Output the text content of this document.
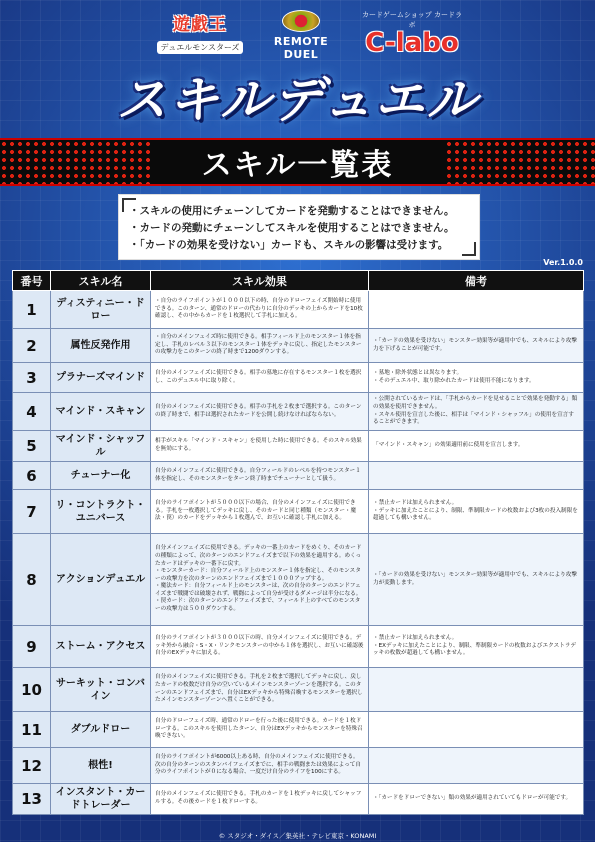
遊戯王
デュエルモンスターズ	REMOTE DUEL
カードゲームショップ カードラボ
C-labo
スキルデュエル
スキル一覧表
・スキルの使用にチェーンしてカードを発動することはできません。
・カードの発動にチェーンしてスキルを使用することはできません。
・「カードの効果を受けない」カードも、スキルの影響は受けます。
Ver.1.0.0
番号	スキル名	スキル効果	備考
1	ディスティニー・ドロー	・自分のライフポイントが１０００以下の時、自分のドローフェイズ開始時に使用できる。このターン、通常のドローの代わりに自分のデッキの上からカードを10枚確認し、その中からカードを１枚選択して手札に加える。	
2	属性反発作用	・自分のメインフェイズ時に使用できる。相手フィールド上のモンスター１体を指定し、手札のレベル３以下のモンスター１体をデッキに戻し、指定したモンスターの攻撃力をこのターンの終了時まで1200ダウンする。	・「カードの効果を受けない」モンスター効果等が適用中でも、スキルにより攻撃力を下げることが可能です。
3	プラナーズマインド	自分のメインフェイズに使用できる。相手の墓地に存在するモンスター１枚を選択し、このデュエル中に取り除く。	・墓地・除外状態とは異なります。
・そのデュエル中、取り除かれたカードは使用不能になります。
4	マインド・スキャン	自分のメインフェイズに使用できる。相手の手札を２枚まで選択する。このターンの終了時まで、相手は選択されたカードを公開し続けなければならない。	・公開されているカードは、「手札からカードを見せることで効果を発動する」類の効果を使用できません。
・スキル使用を宣言した後に、相手は「マインド・シャッフル」の使用を宣言することができます。
5	マインド・シャッフル	相手がスキル「マインド・スキャン」を使用した時に使用できる。そのスキル効果を無効にする。	「マインド・スキャン」の効果適用前に使用を宣言します。
6	チューナー化	自分のメインフェイズに使用できる。自分フィールドのレベルを持つモンスター１体を指定し、そのモンスターをターン終了時までチューナーとして扱う。	
7	リ・コントラクト・ユニバース	自分のライフポイントが５０００以下の場合、自分のメインフェイズに使用できる。手札を一枚選択してデッキに戻し、そのカードと同じ種類（モンスター・魔法・罠）のカードをデッキから１枚選んで、お互いに確認し手札に加える。	・禁止カードは加えられません。
・デッキに加えたことにより、制限、準制限カードの枚数および3枚の投入制限を超過しても構いません。
8	アクションデュエル	自分メインフェイズに使用できる。デッキの一番上のカードをめくり、そのカードの種類によって、次のターンのエンドフェイズまで以下の効果を適用する。めくったカードはデッキの一番下に戻す。
・モンスターカード：自分フィールド上のモンスター１体を指定し、そのモンスターの攻撃力を次のターンのエンドフェイズまで１０００アップする。
・魔法カード：自分フィールド上のモンスターは、次の自分のターンのエンドフェイズまで戦闘では破壊されず、戦闘によって自分が受けるダメージは半分になる。
・罠カード：次のターンのエンドフェイズまで、フィールド上のすべてのモンスターの攻撃力は５００ダウンする。	・「カードの効果を受けない」モンスター効果等が適用中でも、スキルにより攻撃力が変動します。
9	ストーム・アクセス	自分のライフポイントが３０００以下の時、自分メインフェイズに使用できる。デッキ外から融合・S・X・リンクモンスターの中から１体を選択し、お互いに確認後自分のEXデッキに加える。	・禁止カードは加えられません。
・EXデッキに加えたことにより、制限、準制限カードの枚数およびエクストラデッキの枚数が超過しても構いません。
10	サーキット・コンバイン	自分のメインフェイズに使用できる。手札を２枚まで選択してデッキに戻し、戻したカードの枚数だけ自分の空いているメインモンスターゾーンを選択する。このターンのエンドフェイズまで、自分はEXデッキから特殊召喚するモンスターを選択したメインモンスターゾーンへ置くことができる。	
11	ダブルドロー	自分のドローフェイズ時、通常のドローを行った後に使用できる。カードを１枚ドローする。このスキルを使用したターン、自分はEXデッキからモンスターを特殊召喚できない。	
12	根性!	自分のライフポイントが6000以上ある時、自分のメインフェイズに使用できる。次の自分のターンのスタンバイフェイズまでに、相手の戦闘または効果によって自分のライフポイントが０になる場合、一度だけ自分のライフを100にする。	
13	インスタント・カードトレーダー	自分のメインフェイズに使用できる。手札のカードを１枚デッキに戻してシャッフルする。その後カードを１枚ドローする。	・「カードをドローできない」類の効果が適用されていてもドローが可能です。
© スタジオ・ダイス／集英社・テレビ東京・KONAMI
